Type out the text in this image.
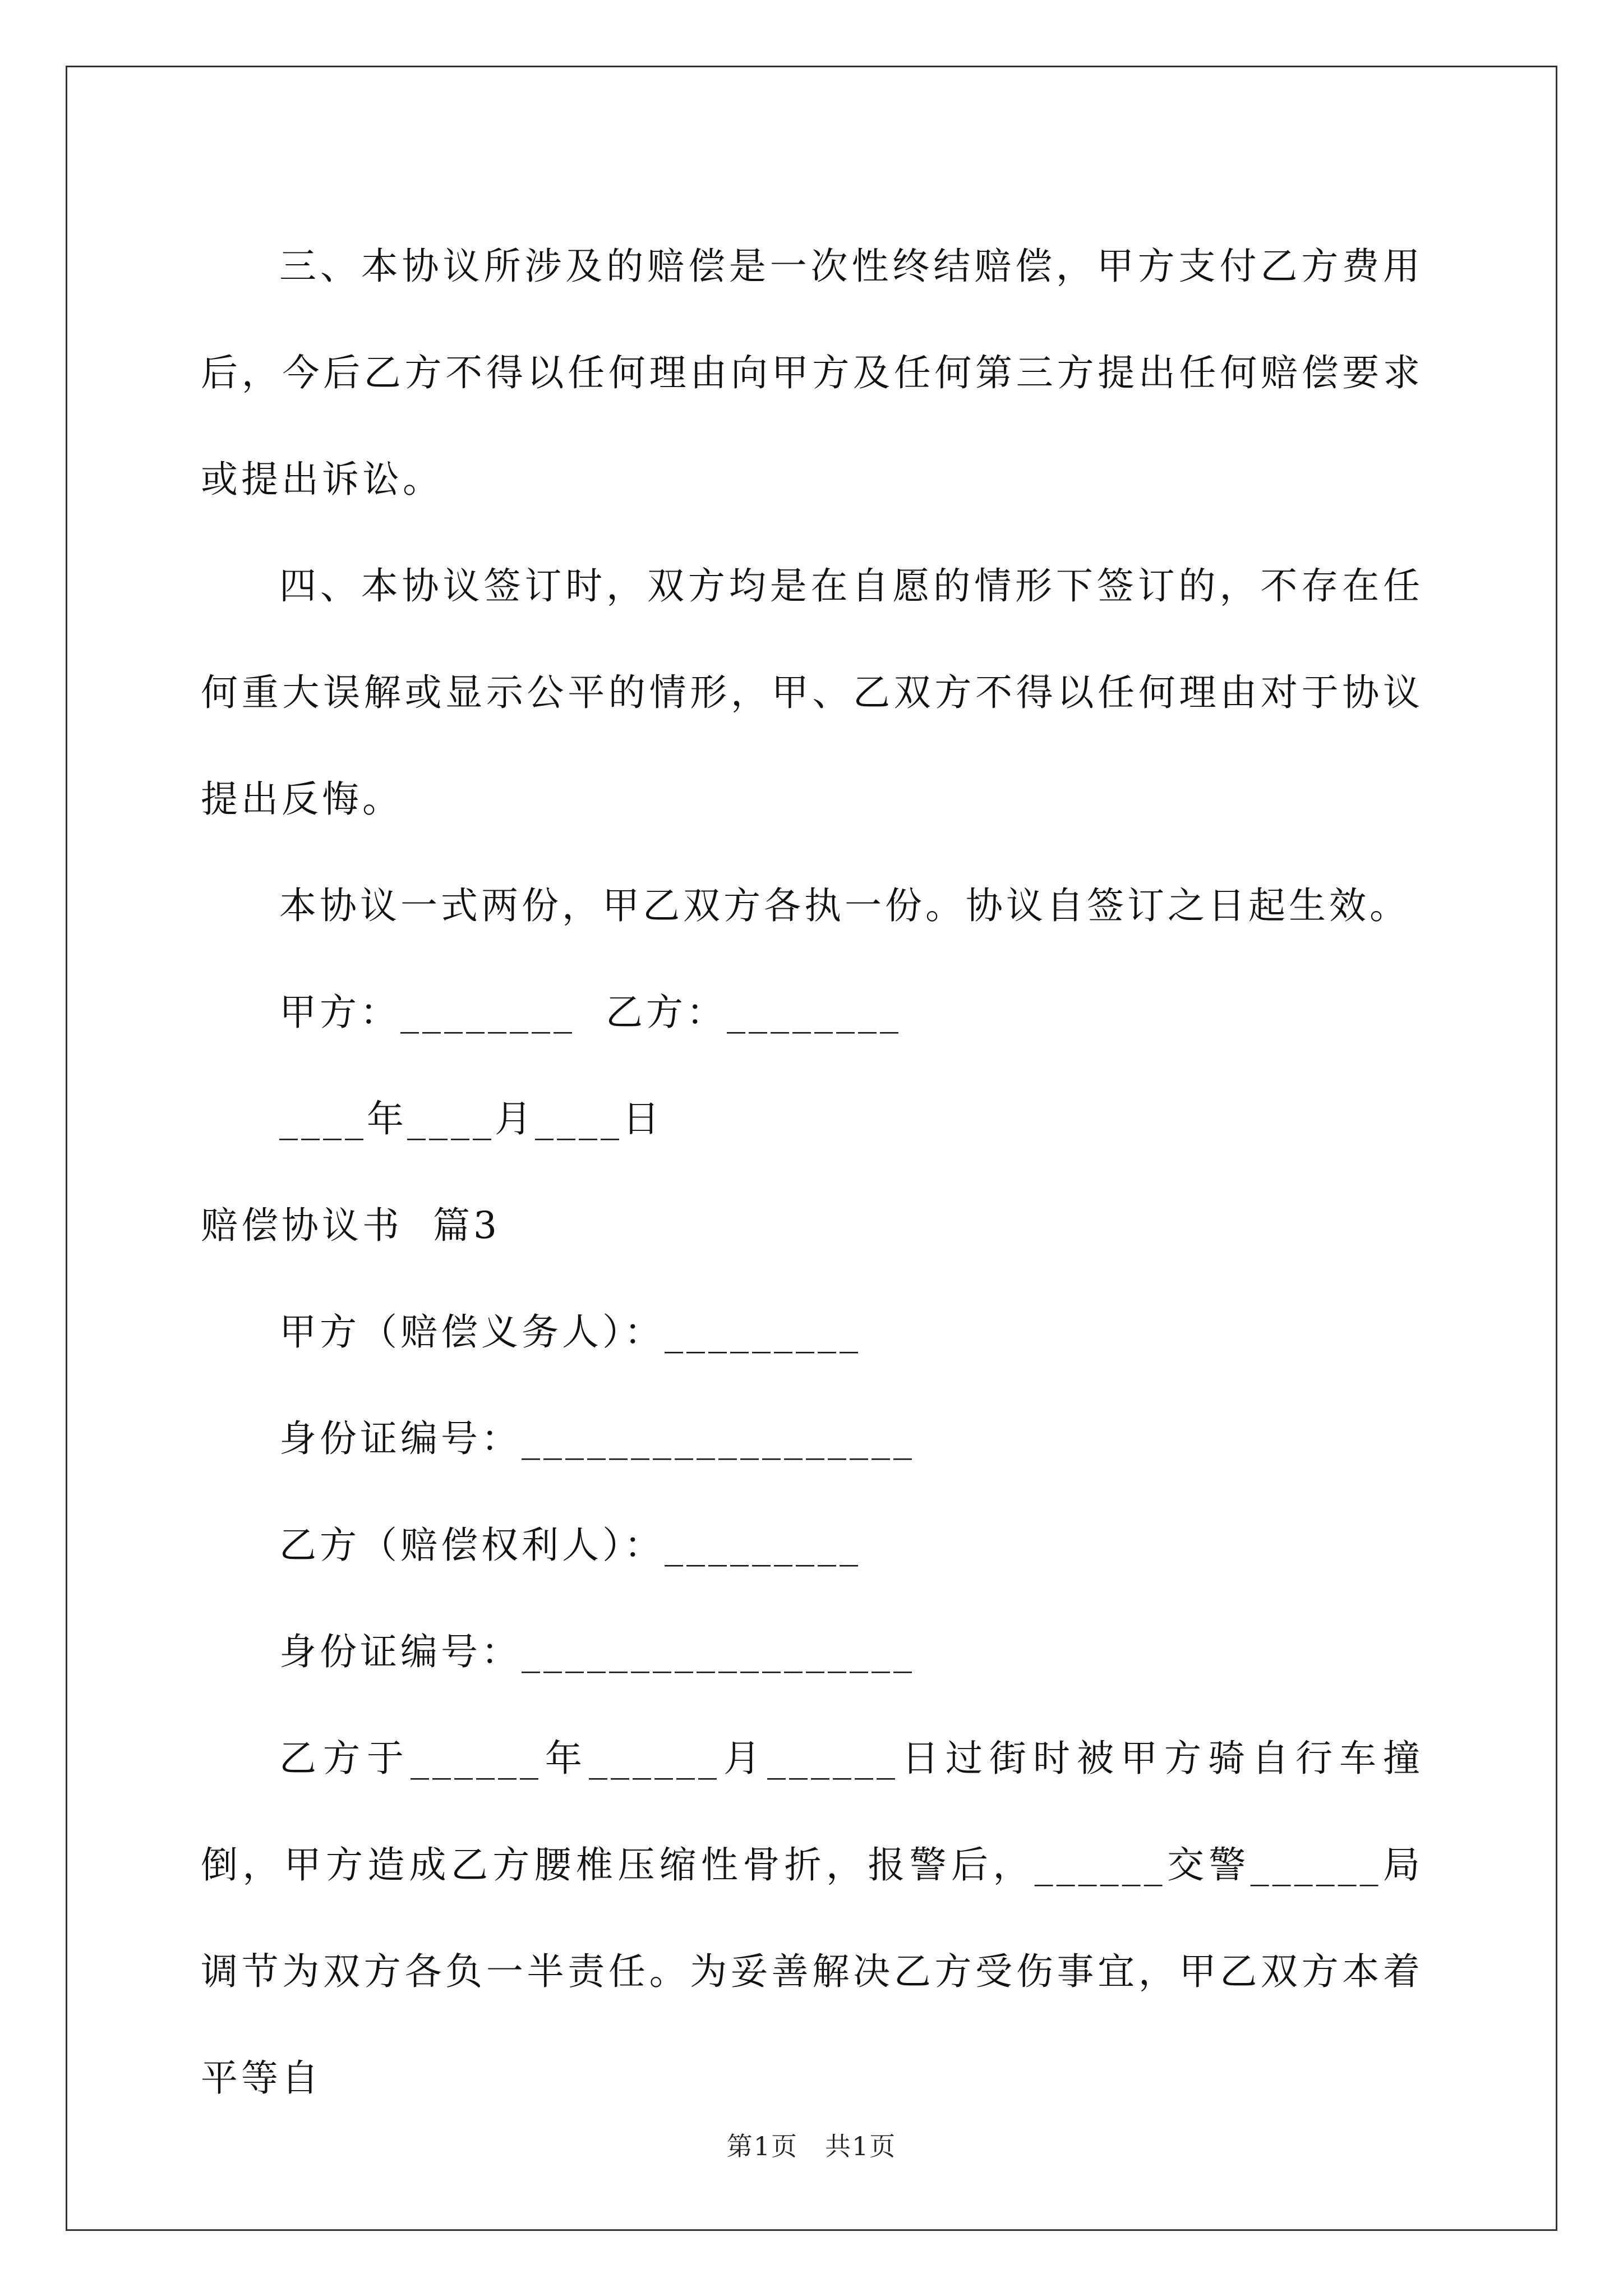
三、本协议所涉及的赔偿是一次性终结赔偿，甲方支付乙方费用后，今后乙方不得以任何理由向甲方及任何第三方提出任何赔偿要求或提出诉讼。

四、本协议签订时，双方均是在自愿的情形下签订的，不存在任何重大误解或显示公平的情形，甲、乙双方不得以任何理由对于协议提出反悔。

本协议一式两份，甲乙双方各执一份。协议自签订之日起生效。

甲方：________  乙方：________

____年____月____日

赔偿协议书  篇3

甲方（赔偿义务人）：_________

身份证编号：__________________

乙方（赔偿权利人）：_________

身份证编号：__________________

乙方于______年______月______日过街时被甲方骑自行车撞倒，甲方造成乙方腰椎压缩性骨折，报警后，______交警______局调节为双方各负一半责任。为妥善解决乙方受伤事宜，甲乙双方本着平等自

第1页　共1页
